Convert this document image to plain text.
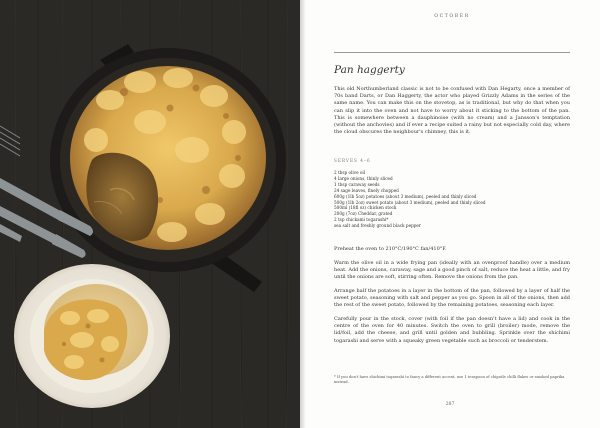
OCTOBER
Pan haggerty
This old Northumberland classic is not to be confused with Dan Hegarty, once a member of 70s band Darts, or Dan Haggerty, the actor who played Grizzly Adams in the series of the same name. You can make this on the stovetop, as is traditional, but why do that when you can slip it into the oven and not have to worry about it sticking to the bottom of the pan. This is somewhere between a dauphinoise (with no cream) and a Jansson's temptation (without the anchovies) and if ever a recipe suited a rainy but not especially cold day, where the cloud obscures the neighbour's chimney, this is it.
SERVES 4–6
2 tbsp olive oil
4 large onions, thinly sliced
1 tbsp caraway seeds
24 sage leaves, finely chopped
600g (1lb 5oz) potatoes (about 3 medium), peeled and thinly sliced
500g (1lb 2oz) sweet potato (about 3 medium), peeled and thinly sliced
500ml (18fl oz) chicken stock
200g (7oz) Cheddar, grated
2 tsp chickami togarashi*
sea salt and freshly ground black pepper

Preheat the oven to 210°C/190°C fan/410°F.

Warm the olive oil in a wide frying pan (ideally with an ovenproof handle) over a medium heat. Add the onions, caraway, sage and a good pinch of salt, reduce the heat a little, and fry until the onions are soft, stirring often. Remove the onions from the pan.

Arrange half the potatoes in a layer in the bottom of the pan, followed by a layer of half the sweet potato, seasoning with salt and pepper as you go. Spoon in all of the onions, then add the rest of the sweet potato, followed by the remaining potatoes, seasoning each layer.

Carefully pour in the stock, cover (with foil if the pan doesn't have a lid) and cook in the centre of the oven for 40 minutes. Switch the oven to grill (broiler) mode, remove the lid/foil, add the cheese, and grill until golden and bubbling. Sprinkle over the shichimi togarashi and serve with a squeaky green vegetable such as broccoli or tenderstem.

* If you don't have shichimi togarashi to fancy a different accent, use 1 teaspoon of chipotle chilli flakes or smoked paprika instead.
287
